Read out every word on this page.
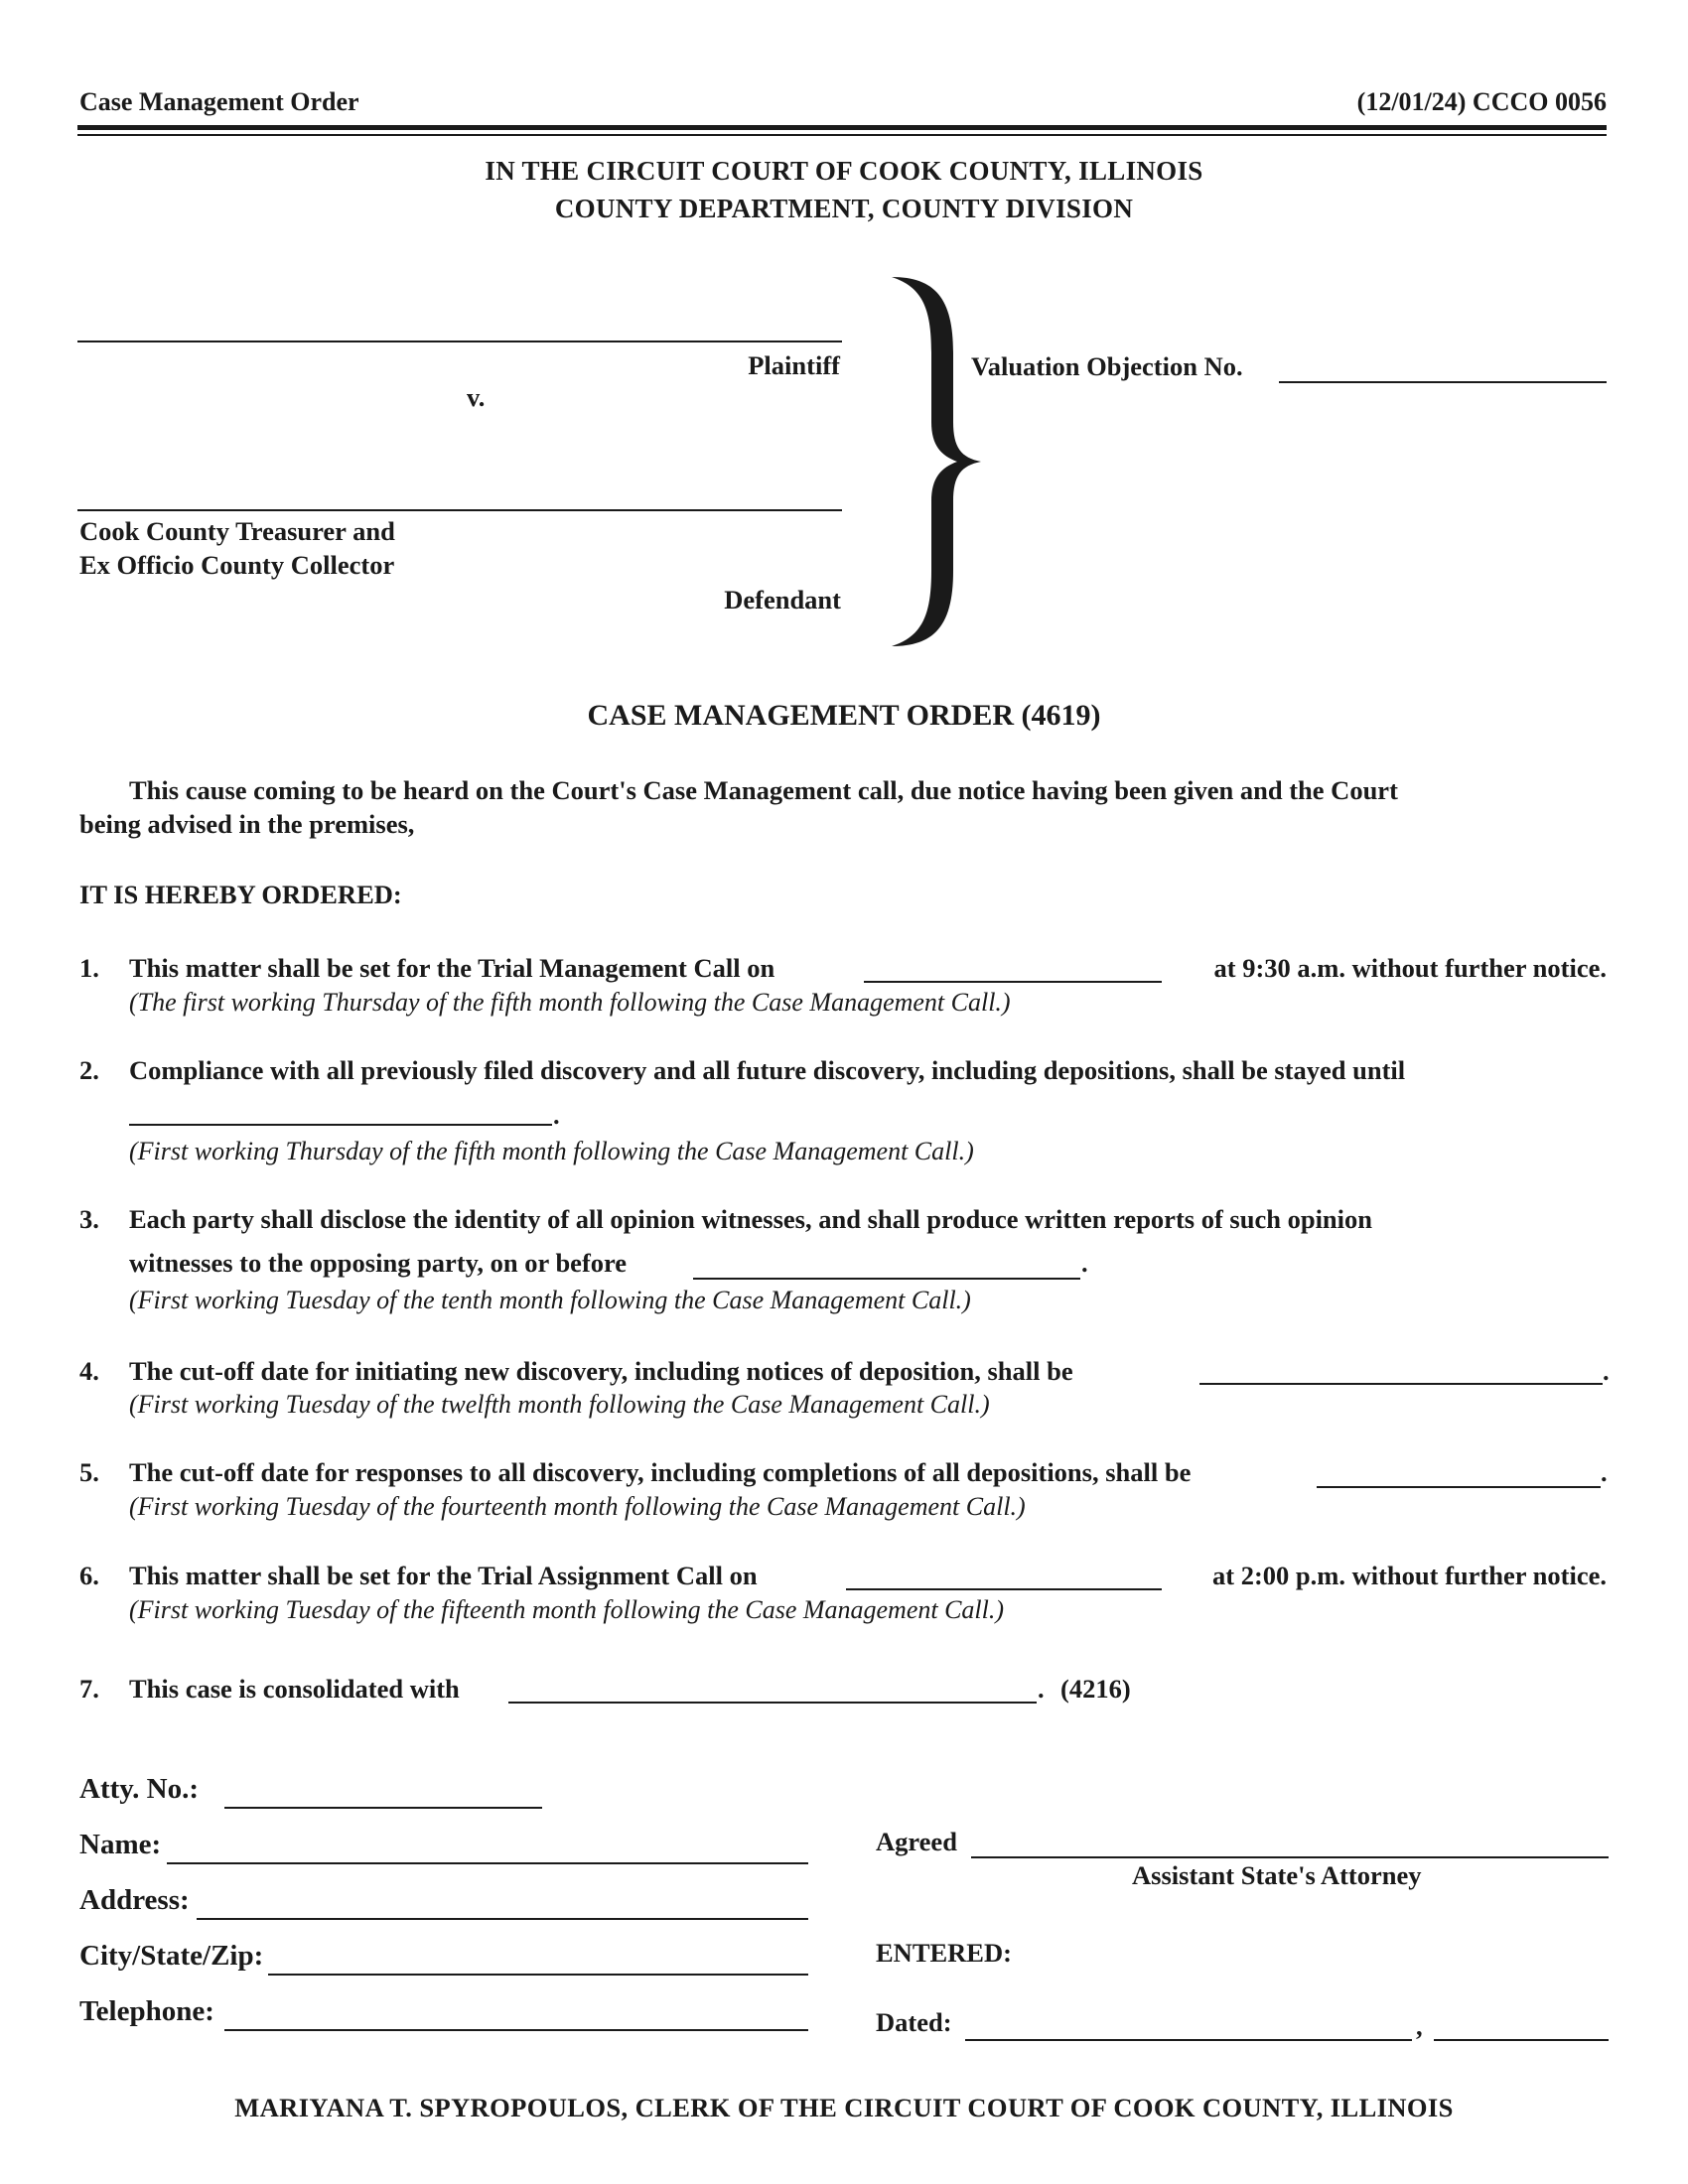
Case Management Order	(12/01/24) CCCO 0056
IN THE CIRCUIT COURT OF COOK COUNTY, ILLINOIS
COUNTY DEPARTMENT, COUNTY DIVISION
Plaintiff
v.
Cook County Treasurer and
Ex Officio County Collector
Defendant
Valuation Objection No.
CASE MANAGEMENT ORDER (4619)
This cause coming to be heard on the Court's Case Management call, due notice having been given and the Court
being advised in the premises,
IT IS HEREBY ORDERED:
1. This matter shall be set for the Trial Management Call on	at 9:30 a.m. without further notice.
(The first working Thursday of the fifth month following the Case Management Call.)
2. Compliance with all previously filed discovery and all future discovery, including depositions, shall be stayed until
.
(First working Thursday of the fifth month following the Case Management Call.)
3. Each party shall disclose the identity of all opinion witnesses, and shall produce written reports of such opinion
witnesses to the opposing party, on or before	.
(First working Tuesday of the tenth month following the Case Management Call.)
4. The cut-off date for initiating new discovery, including notices of deposition, shall be	.
(First working Tuesday of the twelfth month following the Case Management Call.)
5. The cut-off date for responses to all discovery, including completions of all depositions, shall be	.
(First working Tuesday of the fourteenth month following the Case Management Call.)
6. This matter shall be set for the Trial Assignment Call on	at 2:00 p.m. without further notice.
(First working Tuesday of the fifteenth month following the Case Management Call.)
7. This case is consolidated with	. (4216)
Atty. No.:
Name:
Address:
City/State/Zip:
Telephone:
Agreed
Assistant State's Attorney
ENTERED:
Dated:	,
MARIYANA T. SPYROPOULOS, CLERK OF THE CIRCUIT COURT OF COOK COUNTY, ILLINOIS
